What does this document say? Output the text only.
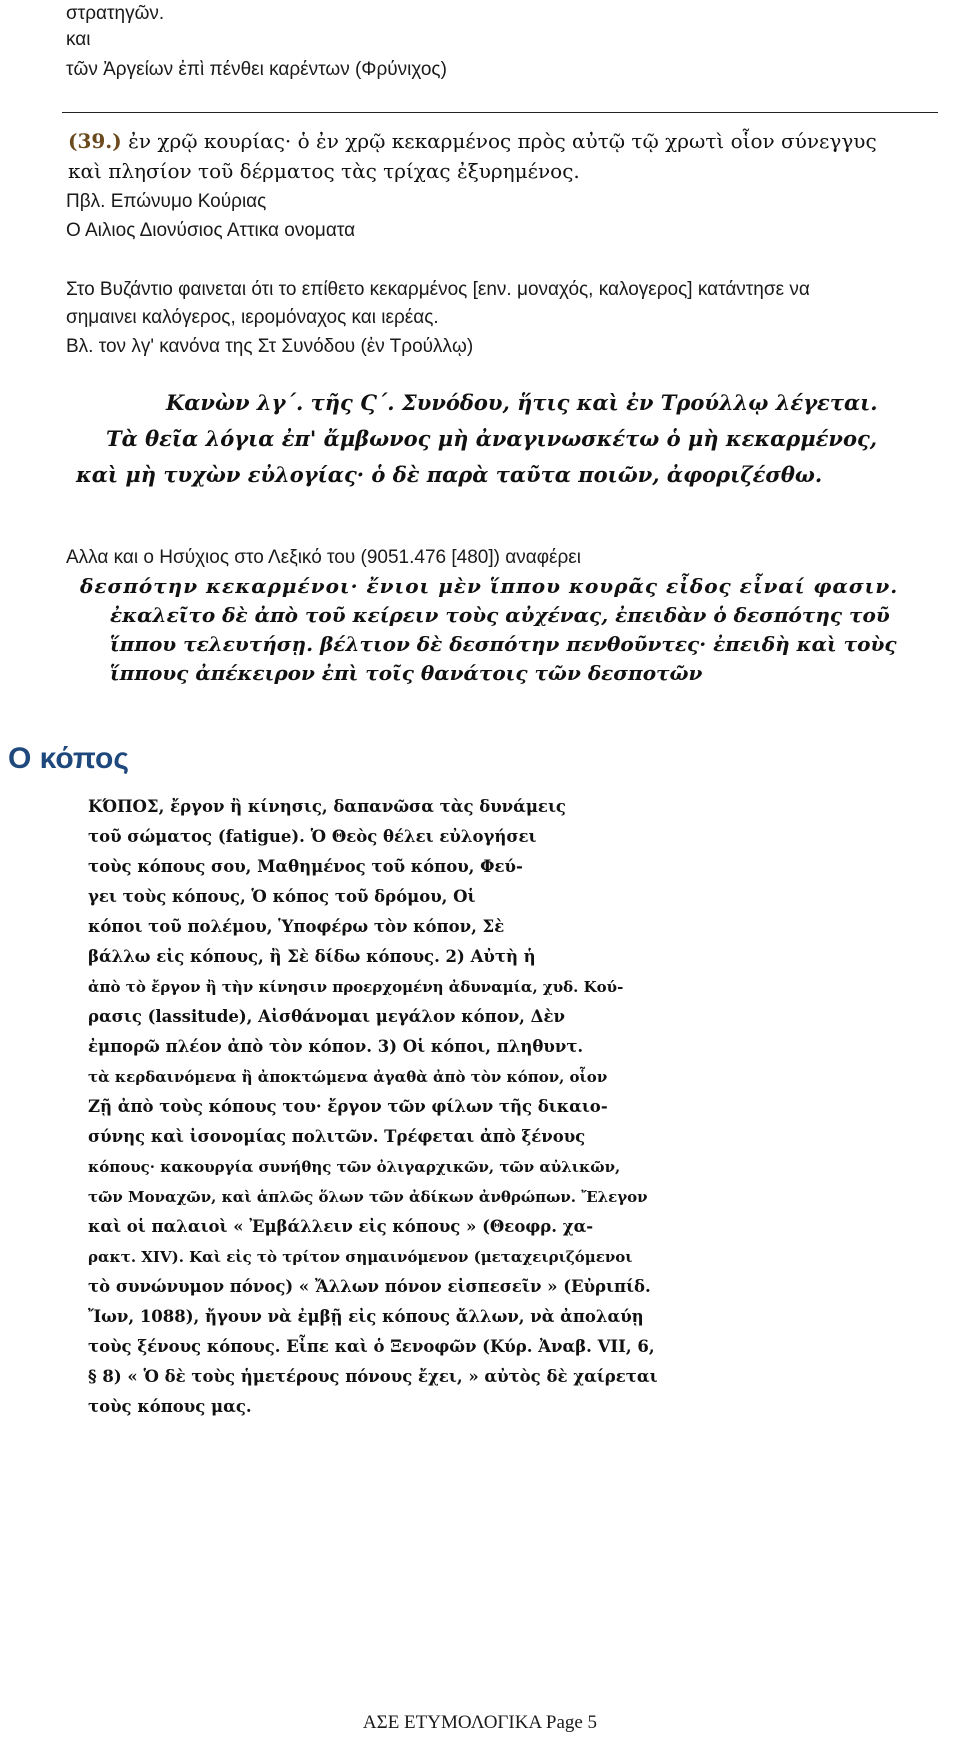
στρατηγῶν.
και
τῶν Ἀργείων ἐπὶ πένθει καρέντων (Φρύνιχος)
(39.) ἐν χρῷ κουρίας· ὁ ἐν χρῷ κεκαρμένος πρὸς αὐτῷ τῷ χρωτὶ οἷον σύνεγγυς
καὶ πλησίον τοῦ δέρματος τὰς τρίχας ἐξυρημένος.
Πβλ. Επώνυμο Κούριας
Ο Αιλιος Διονύσιος Αττικα ονοματα
Στο Βυζάντιο φαινεται ότι το επίθετο κεκαρμένος [εnν. μοναχός, καλογερος] κατάντησε να
σημαινει καλόγερος, ιερομόναχος και ιερέας.
Βλ. τον λγ' κανόνα της Στ Συνόδου (ἐν Τρούλλῳ)
Κανὼν λγ΄. τῆς Ϛ΄. Συνόδου, ἥτις καὶ ἐν Τρούλλῳ λέγεται.
Τὰ θεῖα λόγια ἐπ' ἄμβωνος μὴ ἀναγινωσκέτω ὁ μὴ κεκαρμένος,
καὶ μὴ τυχὼν εὐλογίας· ὁ δὲ παρὰ ταῦτα ποιῶν, ἀφοριζέσθω.
Αλλα και ο Ησύχιος στο Λεξικό του (9051.476 [480]) αναφέρει
δεσπότην κεκαρμένοι· ἔνιοι μὲν ἵππου κουρᾶς εἶδος εἶναί φασιν.
ἐκαλεῖτο δὲ ἀπὸ τοῦ κείρειν τοὺς αὐχένας, ἐπειδὰν ὁ δεσπότης τοῦ
ἵππου τελευτήσῃ. βέλτιον δὲ δεσπότην πενθοῦντες· ἐπειδὴ καὶ τοὺς
ἵππους ἀπέκειρον ἐπὶ τοῖς θανάτοις τῶν δεσποτῶν
Ο κόπος
ΚΌΠΟΣ, ἔργον ἢ κίνησις, δαπανῶσα τὰς δυνάμεις
τοῦ σώματος (fatigue). Ὁ Θεὸς θέλει εὐλογήσει
τοὺς κόπους σου, Μαθημένος τοῦ κόπου, Φεύ-
γει τοὺς κόπους, Ὁ κόπος τοῦ δρόμου, Οἱ
κόποι τοῦ πολέμου, Ὑποφέρω τὸν κόπον, Σὲ
βάλλω εἰς κόπους, ἢ Σὲ δίδω κόπους. 2) Αὐτὴ ἡ
ἀπὸ τὸ ἔργον ἢ τὴν κίνησιν προερχομένη ἀδυναμία, χυδ. Κού-
ρασις (lassitude), Αἰσθάνομαι μεγάλον κόπον, Δὲν
ἐμπορῶ πλέον ἀπὸ τὸν κόπον. 3) Οἱ κόποι, πληθυντ.
τὰ κερδαινόμενα ἢ ἀποκτώμενα ἀγαθὰ ἀπὸ τὸν κόπον, οἷον
Ζῇ ἀπὸ τοὺς κόπους του· ἔργον τῶν φίλων τῆς δικαιο-
σύνης καὶ ἰσονομίας πολιτῶν. Τρέφεται ἀπὸ ξένους
κόπους· κακουργία συνήθης τῶν ὀλιγαρχικῶν, τῶν αὐλικῶν,
τῶν Μοναχῶν, καὶ ἁπλῶς ὅλων τῶν ἀδίκων ἀνθρώπων. Ἔλεγον
καὶ οἱ παλαιοὶ « Ἐμβάλλειν εἰς κόπους » (Θεοφρ. χα-
ρακτ. XIV). Καὶ εἰς τὸ τρίτον σημαινόμενον (μεταχειριζόμενοι
τὸ συνώνυμον πόνος) « Ἄλλων πόνον εἰσπεσεῖν » (Εὐριπίδ.
Ἴων, 1088), ἤγουν νὰ ἐμβῇ εἰς κόπους ἄλλων, νὰ ἀπολαύῃ
τοὺς ξένους κόπους. Εἶπε καὶ ὁ Ξενοφῶν (Κύρ. Ἀναβ. VII, 6,
§ 8) « Ὁ δὲ τοὺς ἡμετέρους πόνους ἔχει, » αὐτὸς δὲ χαίρεται
τοὺς κόπους μας.
ΑΣΕ ΕΤΥΜΟΛΟΓΙΚΑ Page 5
